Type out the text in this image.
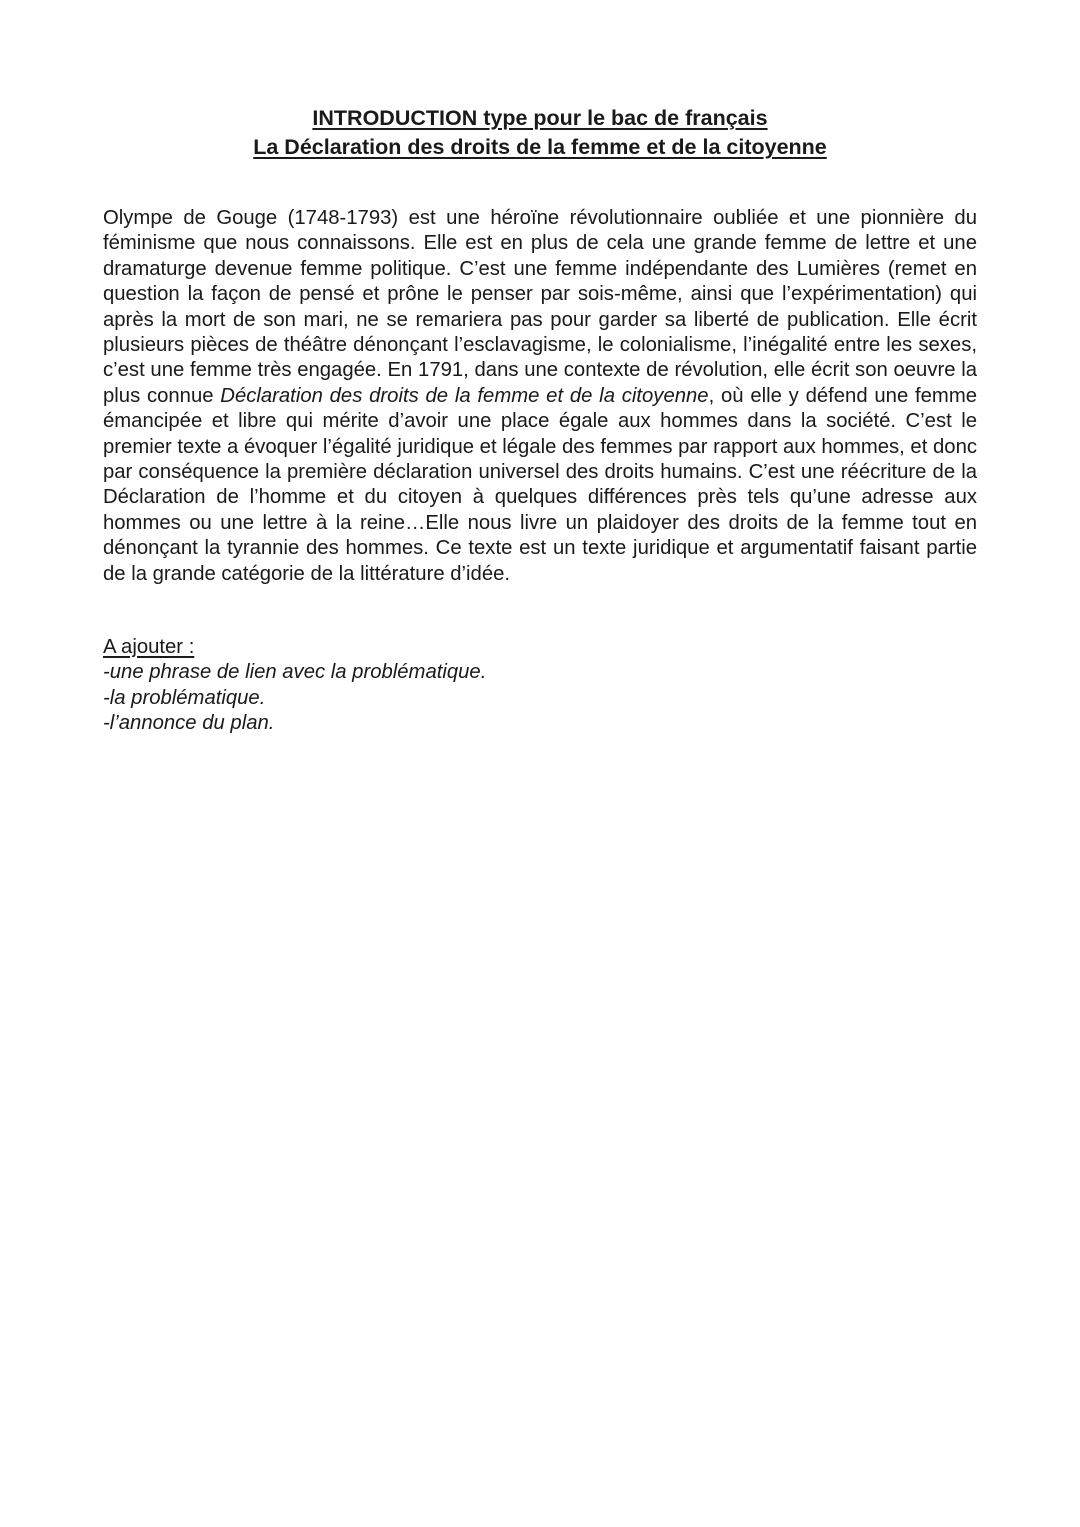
INTRODUCTION type pour le bac de français
La Déclaration des droits de la femme et de la citoyenne

Olympe de Gouge (1748-1793) est une héroïne révolutionnaire oubliée et une pionnière du féminisme que nous connaissons. Elle est en plus de cela une grande femme de lettre et une dramaturge devenue femme politique. C’est une femme indépendante des Lumières (remet en question la façon de pensé et prône le penser par sois-même, ainsi que l’expérimentation) qui après la mort de son mari, ne se remariera pas pour garder sa liberté de publication. Elle écrit plusieurs pièces de théâtre dénonçant l’esclavagisme, le colonialisme, l’inégalité entre les sexes, c’est une femme très engagée. En 1791, dans une contexte de révolution, elle écrit son oeuvre la plus connue Déclaration des droits de la femme et de la citoyenne, où elle y défend une femme émancipée et libre qui mérite d’avoir une place égale aux hommes dans la société. C’est le premier texte a évoquer l’égalité juridique et légale des femmes par rapport aux hommes, et donc par conséquence la première déclaration universel des droits humains. C’est une réécriture de la Déclaration de l’homme et du citoyen à quelques différences près tels qu’une adresse aux hommes ou une lettre à la reine…Elle nous livre un plaidoyer des droits de la femme tout en dénonçant la tyrannie des hommes. Ce texte est un texte juridique et argumentatif faisant partie de la grande catégorie de la littérature d’idée.

A ajouter :
-une phrase de lien avec la problématique.
-la problématique.
-l’annonce du plan.
